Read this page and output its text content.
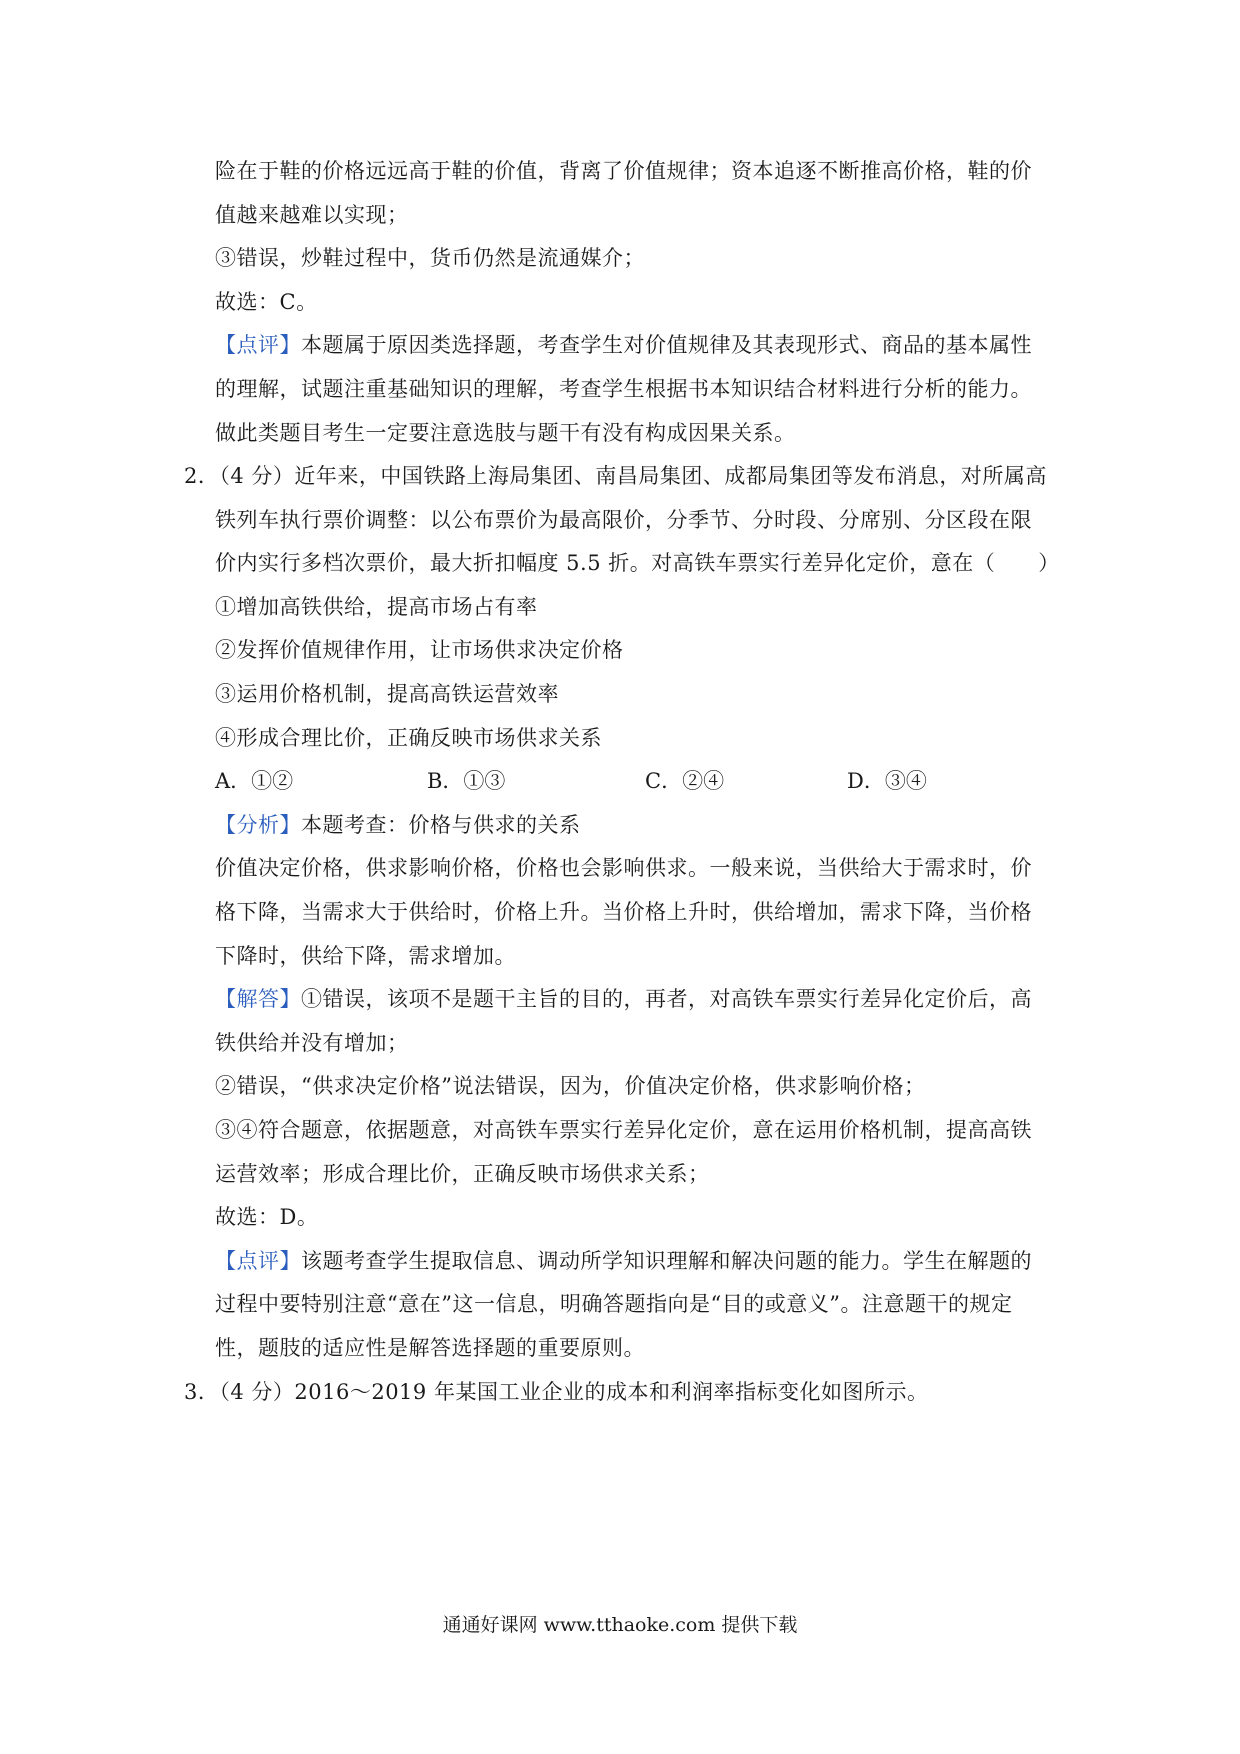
险在于鞋的价格远远高于鞋的价值，背离了价值规律；资本追逐不断推高价格，鞋的价
值越来越难以实现；
③错误，炒鞋过程中，货币仍然是流通媒介；
故选：C。
【点评】本题属于原因类选择题，考查学生对价值规律及其表现形式、商品的基本属性
的理解，试题注重基础知识的理解，考查学生根据书本知识结合材料进行分析的能力。
做此类题目考生一定要注意选肢与题干有没有构成因果关系。
2．（4 分）近年来，中国铁路上海局集团、南昌局集团、成都局集团等发布消息，对所属高
铁列车执行票价调整：以公布票价为最高限价，分季节、分时段、分席别、分区段在限
价内实行多档次票价，最大折扣幅度 5.5 折。对高铁车票实行差异化定价，意在（　　）
①增加高铁供给，提高市场占有率
②发挥价值规律作用，让市场供求决定价格
③运用价格机制，提高高铁运营效率
④形成合理比价，正确反映市场供求关系
A．①②	B．①③	C．②④	D．③④
【分析】本题考查：价格与供求的关系
价值决定价格，供求影响价格，价格也会影响供求。一般来说，当供给大于需求时，价
格下降，当需求大于供给时，价格上升。当价格上升时，供给增加，需求下降，当价格
下降时，供给下降，需求增加。
【解答】①错误，该项不是题干主旨的目的，再者，对高铁车票实行差异化定价后，高
铁供给并没有增加；
②错误，“供求决定价格”说法错误，因为，价值决定价格，供求影响价格；
③④符合题意，依据题意，对高铁车票实行差异化定价，意在运用价格机制，提高高铁
运营效率；形成合理比价，正确反映市场供求关系；
故选：D。
【点评】该题考查学生提取信息、调动所学知识理解和解决问题的能力。学生在解题的
过程中要特别注意“意在”这一信息，明确答题指向是“目的或意义”。注意题干的规定
性，题肢的适应性是解答选择题的重要原则。
3．（4 分）2016～2019 年某国工业企业的成本和利润率指标变化如图所示。
通通好课网 www.tthaoke.com 提供下载
